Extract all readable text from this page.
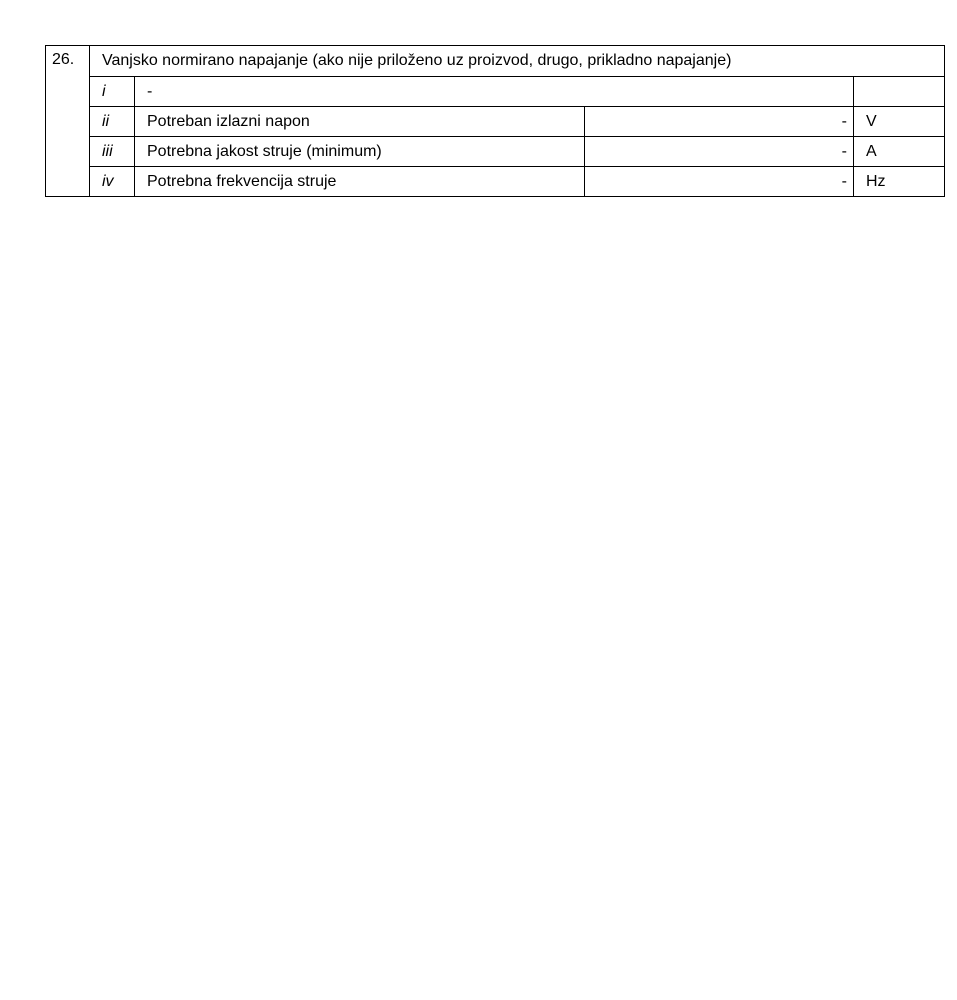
26.	Vanjsko normirano napajanje (ako nije priloženo uz proizvod, drugo, prikladno napajanje)			
	i	-		
	ii	Potreban izlazni napon	-	V
	iii	Potrebna jakost struje (minimum)	-	A
	iv	Potrebna frekvencija struje	-	Hz
